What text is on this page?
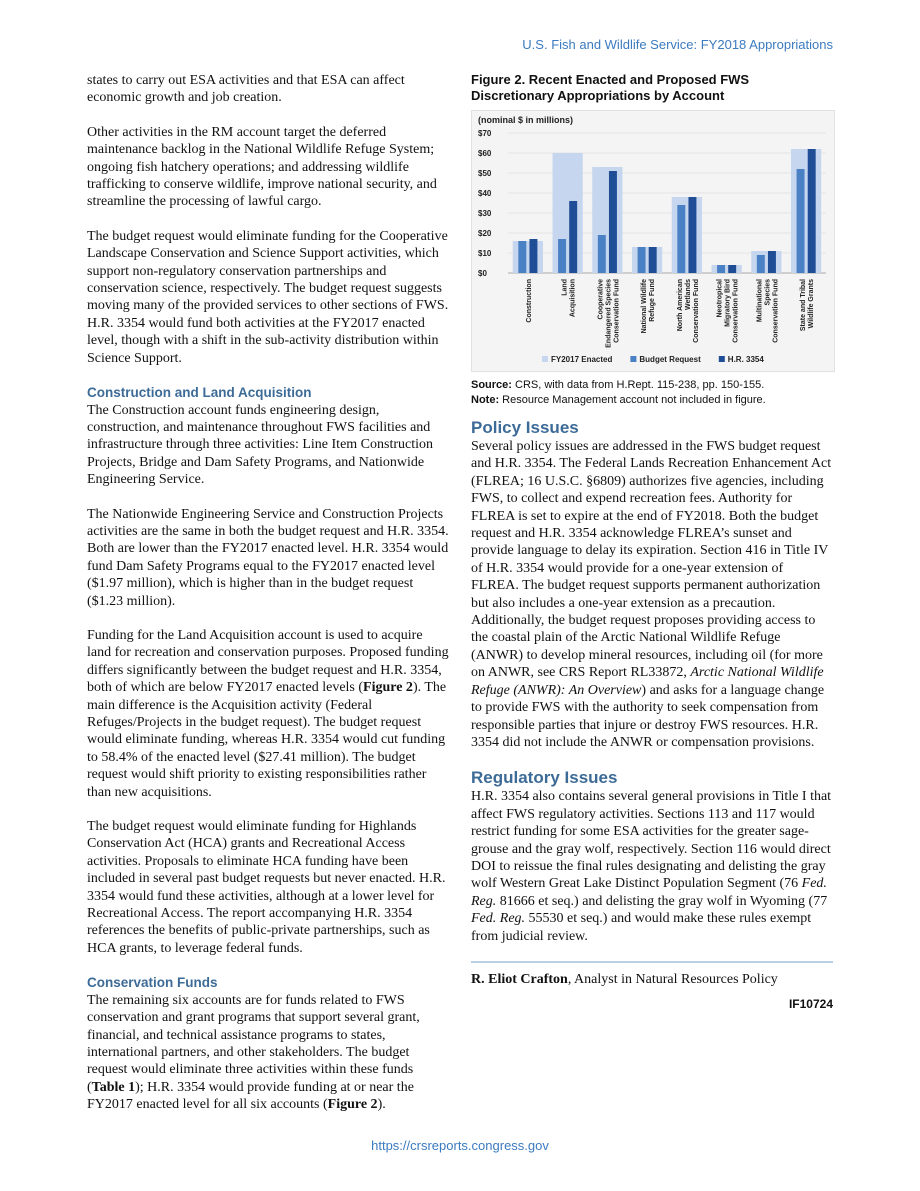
U.S. Fish and Wildlife Service: FY2018 Appropriations

states to carry out ESA activities and that ESA can affect economic growth and job creation.

Other activities in the RM account target the deferred maintenance backlog in the National Wildlife Refuge System; ongoing fish hatchery operations; and addressing wildlife trafficking to conserve wildlife, improve national security, and streamline the processing of lawful cargo.

The budget request would eliminate funding for the Cooperative Landscape Conservation and Science Support activities, which support non-regulatory conservation partnerships and conservation science, respectively. The budget request suggests moving many of the provided services to other sections of FWS. H.R. 3354 would fund both activities at the FY2017 enacted level, though with a shift in the sub-activity distribution within Science Support.

Construction and Land Acquisition

The Construction account funds engineering design, construction, and maintenance throughout FWS facilities and infrastructure through three activities: Line Item Construction Projects, Bridge and Dam Safety Programs, and Nationwide Engineering Service.

The Nationwide Engineering Service and Construction Projects activities are the same in both the budget request and H.R. 3354. Both are lower than the FY2017 enacted level. H.R. 3354 would fund Dam Safety Programs equal to the FY2017 enacted level ($1.97 million), which is higher than in the budget request ($1.23 million).

Funding for the Land Acquisition account is used to acquire land for recreation and conservation purposes. Proposed funding differs significantly between the budget request and H.R. 3354, both of which are below FY2017 enacted levels (Figure 2). The main difference is the Acquisition activity (Federal Refuges/Projects in the budget request). The budget request would eliminate funding, whereas H.R. 3354 would cut funding to 58.4% of the enacted level ($27.41 million). The budget request would shift priority to existing responsibilities rather than new acquisitions.

The budget request would eliminate funding for Highlands Conservation Act (HCA) grants and Recreational Access activities. Proposals to eliminate HCA funding have been included in several past budget requests but never enacted. H.R. 3354 would fund these activities, although at a lower level for Recreational Access. The report accompanying H.R. 3354 references the benefits of public-private partnerships, such as HCA grants, to leverage federal funds.

Conservation Funds

The remaining six accounts are for funds related to FWS conservation and grant programs that support several grant, financial, and technical assistance programs to states, international partners, and other stakeholders. The budget request would eliminate three activities within these funds (Table 1); H.R. 3354 would provide funding at or near the FY2017 enacted level for all six accounts (Figure 2).

Figure 2. Recent Enacted and Proposed FWS Discretionary Appropriations by Account
(nominal $ in millions)
$0
$10
$20
$30
$40
$50
$60
$70
Construction	Land Acquisition	Cooperative Endangered Species Conservation Fund	National Wildlife Refuge Fund	North American Wetlands Conservation Fund Neotropical Migratory Bird Conservation Fund Multinational Species Conservation Fund	State and Tribal Wildlife Grants
FY2017 Enacted	Budget Request	H.R. 3354
Source: CRS, with data from H.Rept. 115-238, pp. 150-155.
Note: Resource Management account not included in figure.
Policy Issues

Several policy issues are addressed in the FWS budget request and H.R. 3354. The Federal Lands Recreation Enhancement Act (FLREA; 16 U.S.C. §6809) authorizes five agencies, including FWS, to collect and expend recreation fees. Authority for FLREA is set to expire at the end of FY2018. Both the budget request and H.R. 3354 acknowledge FLREA’s sunset and provide language to delay its expiration. Section 416 in Title IV of H.R. 3354 would provide for a one-year extension of FLREA. The budget request supports permanent authorization but also includes a one-year extension as a precaution. Additionally, the budget request proposes providing access to the coastal plain of the Arctic National Wildlife Refuge (ANWR) to develop mineral resources, including oil (for more on ANWR, see CRS Report RL33872, Arctic National Wildlife Refuge (ANWR): An Overview) and asks for a language change to provide FWS with the authority to seek compensation from responsible parties that injure or destroy FWS resources. H.R. 3354 did not include the ANWR or compensation provisions.

Regulatory Issues

H.R. 3354 also contains several general provisions in Title I that affect FWS regulatory activities. Sections 113 and 117 would restrict funding for some ESA activities for the greater sage-grouse and the gray wolf, respectively. Section 116 would direct DOI to reissue the final rules designating and delisting the gray wolf Western Great Lake Distinct Population Segment (76 Fed. Reg. 81666 et seq.) and delisting the gray wolf in Wyoming (77 Fed. Reg. 55530 et seq.) and would make these rules exempt from judicial review.

R. Eliot Crafton, Analyst in Natural Resources Policy
IF10724
https://crsreports.congress.gov
